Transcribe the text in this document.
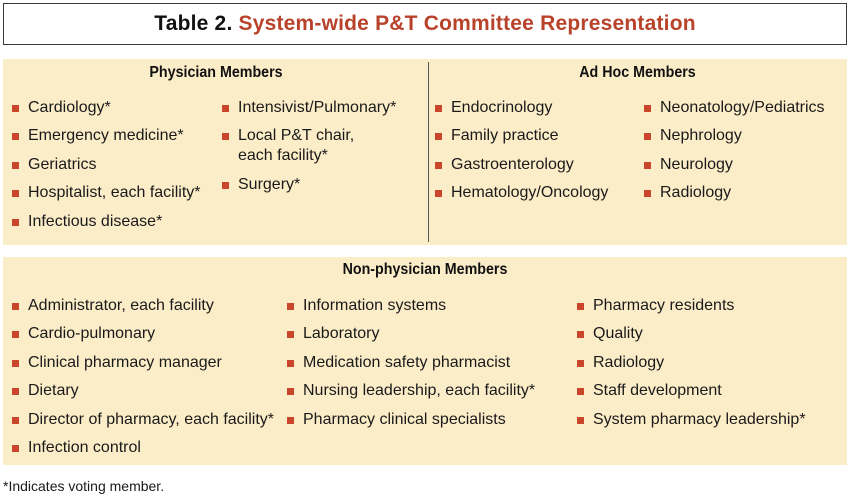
Table 2. System-wide P&T Committee Representation
Physician Members	Ad Hoc Members
Cardiology*
Emergency medicine*
Geriatrics
Hospitalist, each facility*
Infectious disease*
Intensivist/Pulmonary*
Local P&T chair,
each facility*
Surgery*
Endocrinology
Family practice
Gastroenterology
Hematology/Oncology
Neonatology/Pediatrics
Nephrology
Neurology
Radiology
Non-physician Members
Administrator, each facility
Cardio-pulmonary
Clinical pharmacy manager
Dietary
Director of pharmacy, each facility*
Infection control
Information systems
Laboratory
Medication safety pharmacist
Nursing leadership, each facility*
Pharmacy clinical specialists
Pharmacy residents
Quality
Radiology
Staff development
System pharmacy leadership*
*Indicates voting member.
